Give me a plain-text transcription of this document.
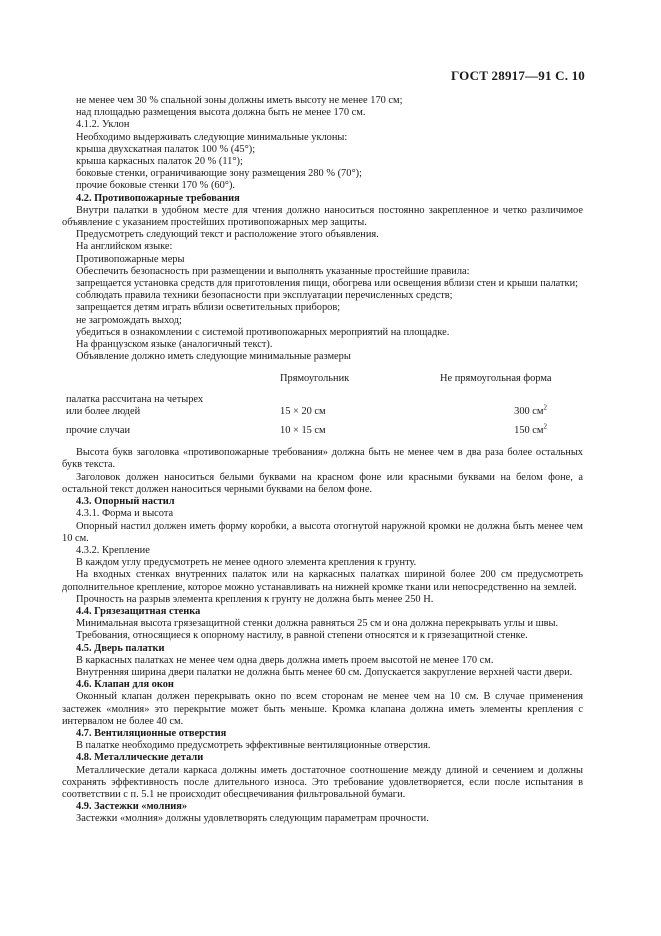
ГОСТ 28917—91 С. 10

не менее чем 30 % спальной зоны должны иметь высоту не менее 170 см;

над площадью размещения высота должна быть не менее 170 см.

4.1.2. Уклон

Необходимо выдерживать следующие минимальные уклоны:

крыша двухскатная палаток 100 % (45°);

крыша каркасных палаток 20 % (11°);

боковые стенки, ограничивающие зону размещения 280 % (70°);

прочие боковые стенки 170 % (60°).

4.2. Противопожарные требования

Внутри палатки в удобном месте для чтения должно наноситься постоянно закрепленное и четко различимое объявление с указанием простейших противопожарных мер защиты.

Предусмотреть следующий текст и расположение этого объявления.

На английском языке:

Противопожарные меры

Обеспечить безопасность при размещении и выполнять указанные простейшие правила:

запрещается установка средств для приготовления пищи, обогрева или освещения вблизи стен и крыши палатки;

соблюдать правила техники безопасности при эксплуатации перечисленных средств;

запрещается детям играть вблизи осветительных приборов;

не загромождать выход;

убедиться в ознакомлении с системой противопожарных мероприятий на площадке.

На французском языке (аналогичный текст).

Объявление должно иметь следующие минимальные размеры

	Прямоугольник	Не прямоугольная форма

палатка рассчитана на четырех		
или более людей	15 × 20 см	300 $см^2$

прочие случаи	10 × 15 см	150 $см^2$

Высота букв заголовка «противопожарные требования» должна быть не менее чем в два раза более остальных букв текста.

Заголовок должен наноситься белыми буквами на красном фоне или красными буквами на белом фоне, а остальной текст должен наноситься черными буквами на белом фоне.

4.3. Опорный настил

4.3.1. Форма и высота

Опорный настил должен иметь форму коробки, а высота отогнутой наружной кромки не должна быть менее чем 10 см.

4.3.2. Крепление

В каждом углу предусмотреть не менее одного элемента крепления к грунту.

На входных стенках внутренних палаток или на каркасных палатках шириной более 200 см предусмотреть дополнительное крепление, которое можно устанавливать на нижней кромке ткани или непосредственно на землей.

Прочность на разрыв элемента крепления к грунту не должна быть менее 250 Н.

4.4. Грязезащитная стенка

Минимальная высота грязезащитной стенки должна равняться 25 см и она должна перекрывать углы и швы.

Требования, относящиеся к опорному настилу, в равной степени относятся и к грязезащитной стенке.

4.5. Дверь палатки

В каркасных палатках не менее чем одна дверь должна иметь проем высотой не менее 170 см.

Внутренняя ширина двери палатки не должна быть менее 60 см. Допускается закругление верхней части двери.

4.6. Клапан для окон

Оконный клапан должен перекрывать окно по всем сторонам не менее чем на 10 см. В случае применения застежек «молния» это перекрытие может быть меньше. Кромка клапана должна иметь элементы крепления с интервалом не более 40 см.

4.7. Вентиляционные отверстия

В палатке необходимо предусмотреть эффективные вентиляционные отверстия.

4.8. Металлические детали

Металлические детали каркаса должны иметь достаточное соотношение между длиной и сечением и должны сохранять эффективность после длительного износа. Это требование удовлетворяется, если после испытания в соответствии с п. 5.1 не происходит обесцвечивания фильтровальной бумаги.

4.9. Застежки «молния»

Застежки «молния» должны удовлетворять следующим параметрам прочности.
